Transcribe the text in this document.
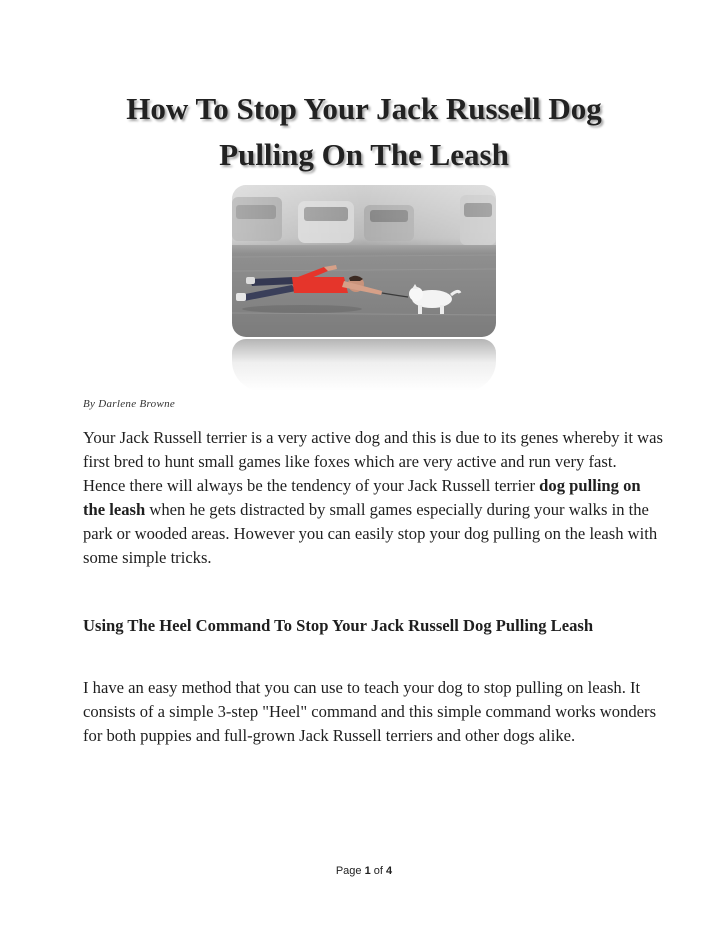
How To Stop Your Jack Russell Dog
Pulling On The Leash
By Darlene Browne

Your Jack Russell terrier is a very active dog and this is due to its genes whereby it was first bred to hunt small games like foxes which are very active and run very fast. Hence there will always be the tendency of your Jack Russell terrier dog pulling on the leash when he gets distracted by small games especially during your walks in the park or wooded areas. However you can easily stop your dog pulling on the leash with some simple tricks.

Using The Heel Command To Stop Your Jack Russell Dog Pulling Leash

I have an easy method that you can use to teach your dog to stop pulling on leash. It consists of a simple 3-step "Heel" command and this simple command works wonders for both puppies and full-grown Jack Russell terriers and other dogs alike.

Page 1 of 4
